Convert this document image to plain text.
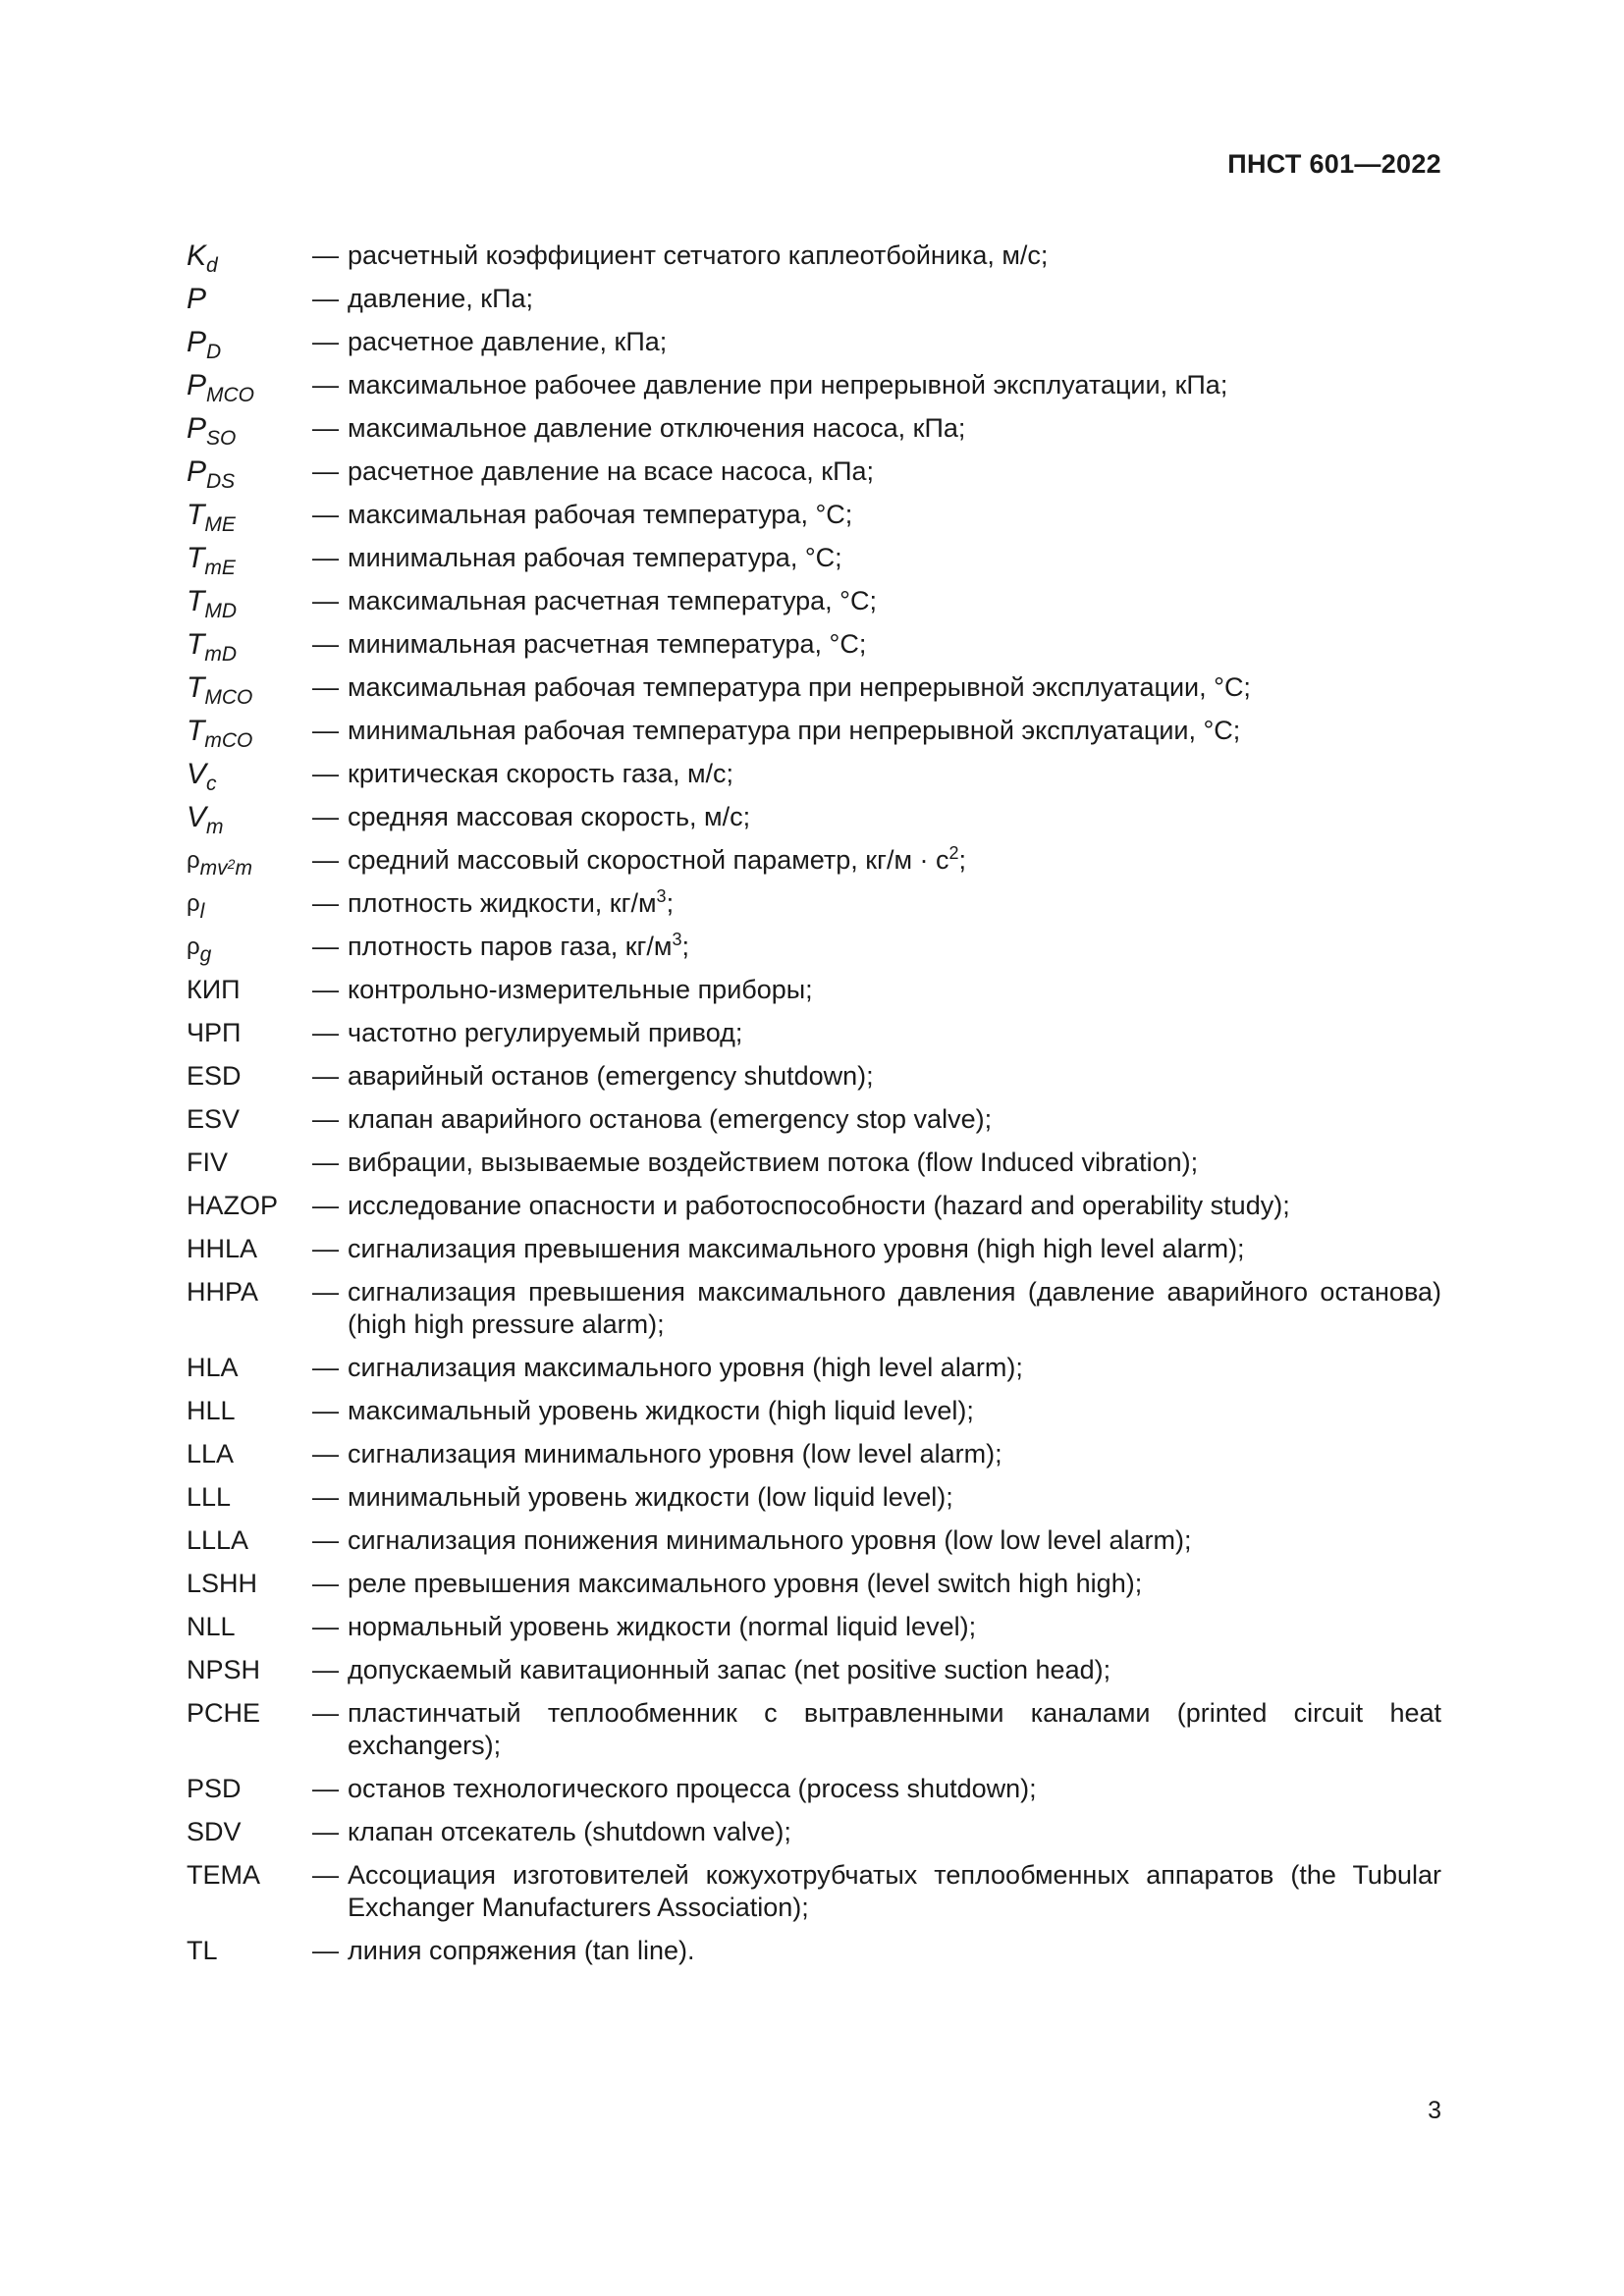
ПНСТ 601—2022
$K_d$	— расчетный коэффициент сетчатого каплеотбойника, м/с;
P	— давление, кПа;
$P_D$	— расчетное давление, кПа;
$P_{MCO}$	— максимальное рабочее давление при непрерывной эксплуатации, кПа;
$P_{SO}$	— максимальное давление отключения насоса, кПа;
$P_{DS}$	— расчетное давление на всасе насоса, кПа;
$T_{ME}$	— максимальная рабочая температура, °С;
$T_{mE}$	— минимальная рабочая температура, °С;
$T_{MD}$	— максимальная расчетная температура, °С;
$T_{mD}$	— минимальная расчетная температура, °С;
$T_{MCO}$	— максимальная рабочая температура при непрерывной эксплуатации, °С;
$T_{mCO}$	— минимальная рабочая температура при непрерывной эксплуатации, °С;
$V_c$	— критическая скорость газа, м/с;
$V_m$	— средняя массовая скорость, м/с;
$\rho_{mv^2m}$	— средний массовый скоростной параметр, $кг/м \cdot с^2$;
$\rho_l$	— плотность жидкости, $кг/м^3$;
$\rho_g$	— плотность паров газа, $кг/м^3$;
КИП	— контрольно-измерительные приборы;
ЧРП	— частотно регулируемый привод;
ESD	— аварийный останов (emergency shutdown);
ESV	— клапан аварийного останова (emergency stop valve);
FIV	— вибрации, вызываемые воздействием потока (flow Induced vibration);
HAZOP	— исследование опасности и работоспособности (hazard and operability study);
HHLA	— сигнализация превышения максимального уровня (high high level alarm);
HHPA	— сигнализация превышения максимального давления (давление аварийного останова) (high high pressure alarm);
HLA	— сигнализация максимального уровня (high level alarm);
HLL	— максимальный уровень жидкости (high liquid level);
LLA	— сигнализация минимального уровня (low level alarm);
LLL	— минимальный уровень жидкости (low liquid level);
LLLA	— сигнализация понижения минимального уровня (low low level alarm);
LSHH	— реле превышения максимального уровня (level switch high high);
NLL	— нормальный уровень жидкости (normal liquid level);
NPSH	— допускаемый кавитационный запас (net positive suction head);
PCHE	— пластинчатый теплообменник с вытравленными каналами (printed circuit heat exchangers);
PSD	— останов технологического процесса (process shutdown);
SDV	— клапан отсекатель (shutdown valve);
TEMA	— Ассоциация изготовителей кожухотрубчатых теплообменных аппаратов (the Tubular Exchanger Manufacturers Association);
TL	— линия сопряжения (tan line).
3
